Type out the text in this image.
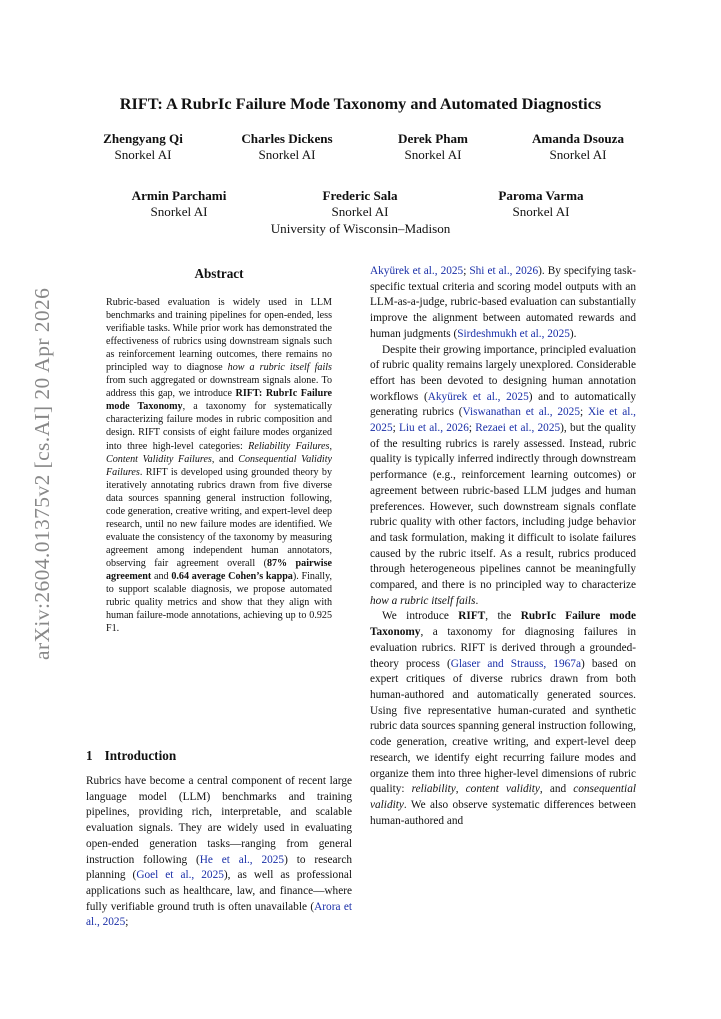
RIFT: A RubrIc Failure Mode Taxonomy and Automated Diagnostics
Zhengyang Qi
Snorkel AI
Charles Dickens
Snorkel AI
Derek Pham
Snorkel AI
Amanda Dsouza
Snorkel AI
Armin Parchami
Snorkel AI
Frederic Sala
Snorkel AI
Paroma Varma
Snorkel AI
University of Wisconsin–Madison
arXiv:2604.01375v2 [cs.AI] 20 Apr 2026
Abstract
Rubric-based evaluation is widely used in LLM benchmarks and training pipelines for open-ended, less verifiable tasks. While prior work has demonstrated the effectiveness of rubrics using downstream signals such as reinforcement learning outcomes, there remains no principled way to diagnose how a rubric itself fails from such aggregated or downstream signals alone. To address this gap, we introduce RIFT: RubrIc Failure mode Taxonomy, a taxonomy for systematically characterizing failure modes in rubric composition and design. RIFT consists of eight failure modes organized into three high-level categories: Reliability Failures, Content Validity Failures, and Consequential Validity Failures. RIFT is developed using grounded theory by iteratively annotating rubrics drawn from five diverse data sources spanning general instruction following, code generation, creative writing, and expert-level deep research, until no new failure modes are identified. We evaluate the consistency of the taxonomy by measuring agreement among independent human annotators, observing fair agreement overall (87% pairwise agreement and 0.64 average Cohen’s kappa). Finally, to support scalable diagnosis, we propose automated rubric quality metrics and show that they align with human failure-mode annotations, achieving up to 0.925 F1.
1 Introduction
Rubrics have become a central component of recent large language model (LLM) benchmarks and training pipelines, providing rich, interpretable, and scalable evaluation signals. They are widely used in evaluating open-ended generation tasks—ranging from general instruction following (He et al., 2025) to research planning (Goel et al., 2025), as well as professional applications such as healthcare, law, and finance—where fully verifiable ground truth is often unavailable (Arora et al., 2025;

Akyürek et al., 2025; Shi et al., 2026). By specifying task-specific textual criteria and scoring model outputs with an LLM-as-a-judge, rubric-based evaluation can substantially improve the alignment between automated rewards and human judgments (Sirdeshmukh et al., 2025).

Despite their growing importance, principled evaluation of rubric quality remains largely unexplored. Considerable effort has been devoted to designing human annotation workflows (Akyürek et al., 2025) and to automatically generating rubrics (Viswanathan et al., 2025; Xie et al., 2025; Liu et al., 2026; Rezaei et al., 2025), but the quality of the resulting rubrics is rarely assessed. Instead, rubric quality is typically inferred indirectly through downstream performance (e.g., reinforcement learning outcomes) or agreement between rubric-based LLM judges and human preferences. However, such downstream signals conflate rubric quality with other factors, including judge behavior and task formulation, making it difficult to isolate failures caused by the rubric itself. As a result, rubrics produced through heterogeneous pipelines cannot be meaningfully compared, and there is no principled way to characterize how a rubric itself fails.

We introduce RIFT, the RubrIc Failure mode Taxonomy, a taxonomy for diagnosing failures in evaluation rubrics. RIFT is derived through a grounded-theory process (Glaser and Strauss, 1967a) based on expert critiques of diverse rubrics drawn from both human-authored and automatically generated sources. Using five representative human-curated and synthetic rubric data sources spanning general instruction following, code generation, creative writing, and expert-level deep research, we identify eight recurring failure modes and organize them into three higher-level dimensions of rubric quality: reliability, content validity, and consequential validity. We also observe systematic differences between human-authored and
